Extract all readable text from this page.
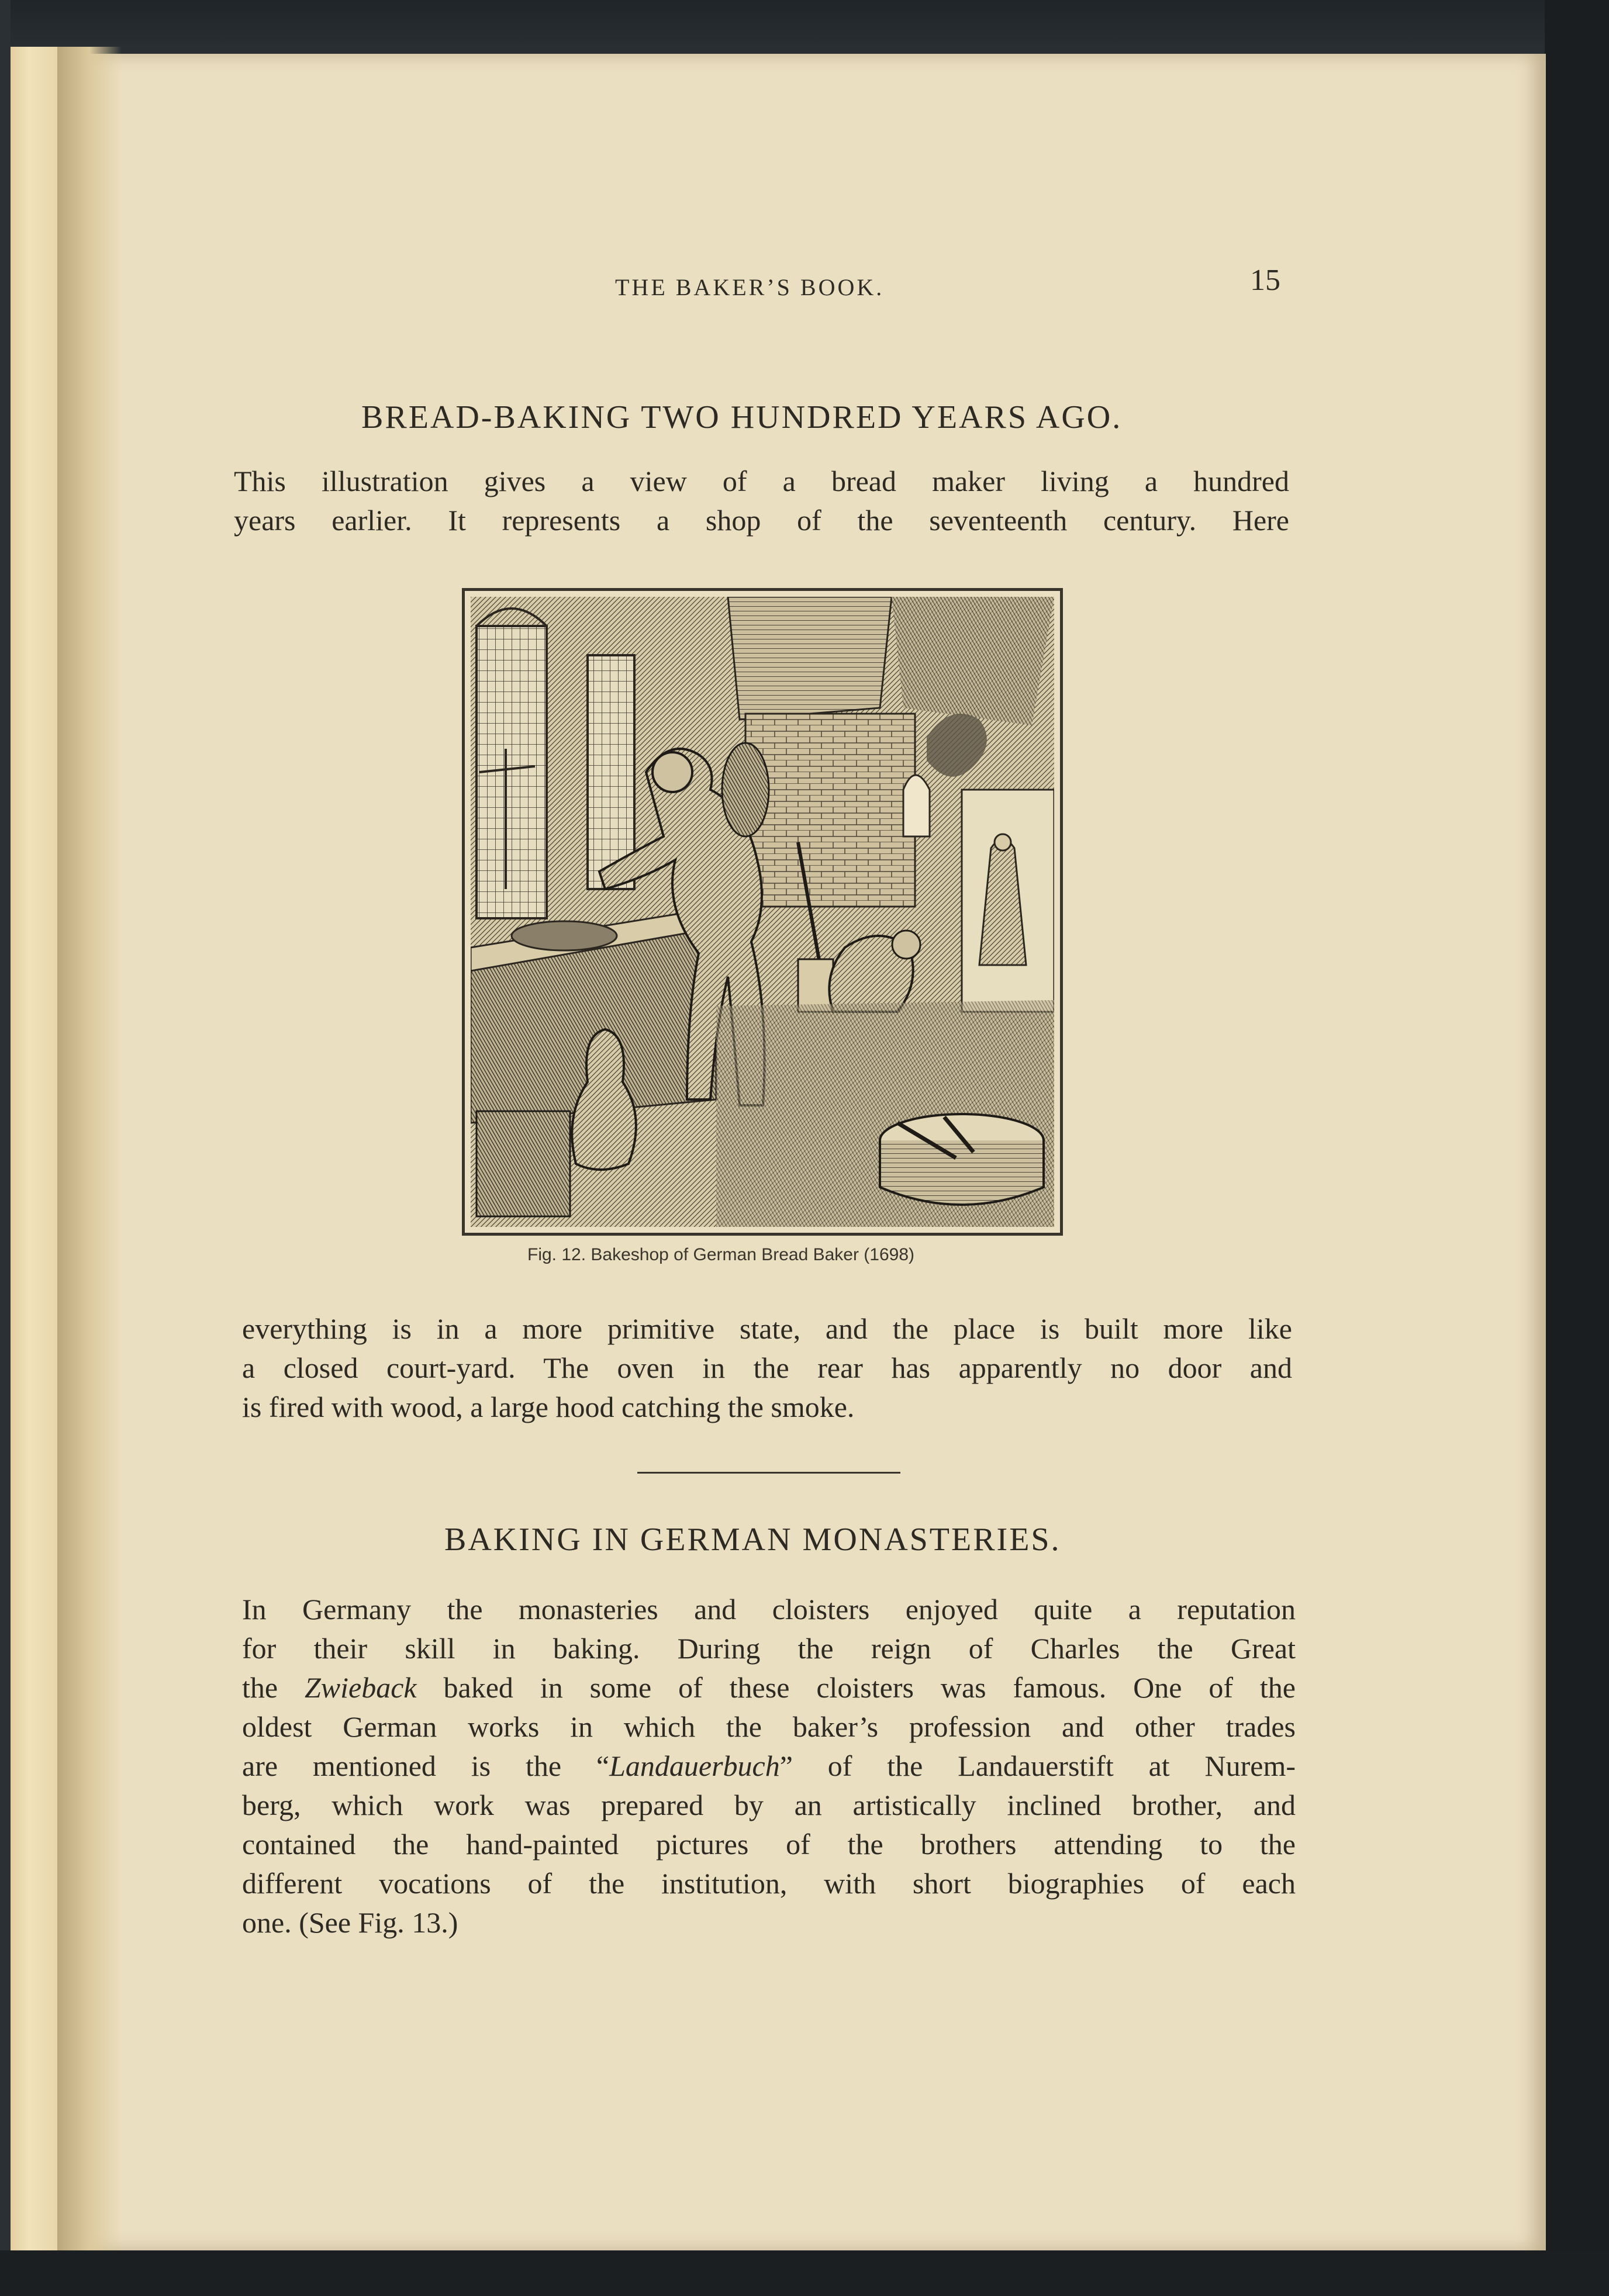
THE BAKER’S BOOK.	15
BREAD-BAKING TWO HUNDRED YEARS AGO.
This illustration gives a view of a bread maker living a hundred
years earlier. It represents a shop of the seventeenth century. Here
Fig. 12. Bakeshop of German Bread Baker (1698)
everything is in a more primitive state, and the place is built more like
a closed court-yard. The oven in the rear has apparently no door and
is fired with wood, a large hood catching the smoke.
BAKING IN GERMAN MONASTERIES.
In Germany the monasteries and cloisters enjoyed quite a reputation
for their skill in baking. During the reign of Charles the Great
the Zwieback baked in some of these cloisters was famous. One of the
oldest German works in which the baker’s profession and other trades
are mentioned is the “Landauerbuch” of the Landauerstift at Nurem-
berg, which work was prepared by an artistically inclined brother, and
contained the hand-painted pictures of the brothers attending to the
different vocations of the institution, with short biographies of each
one. (See Fig. 13.)
